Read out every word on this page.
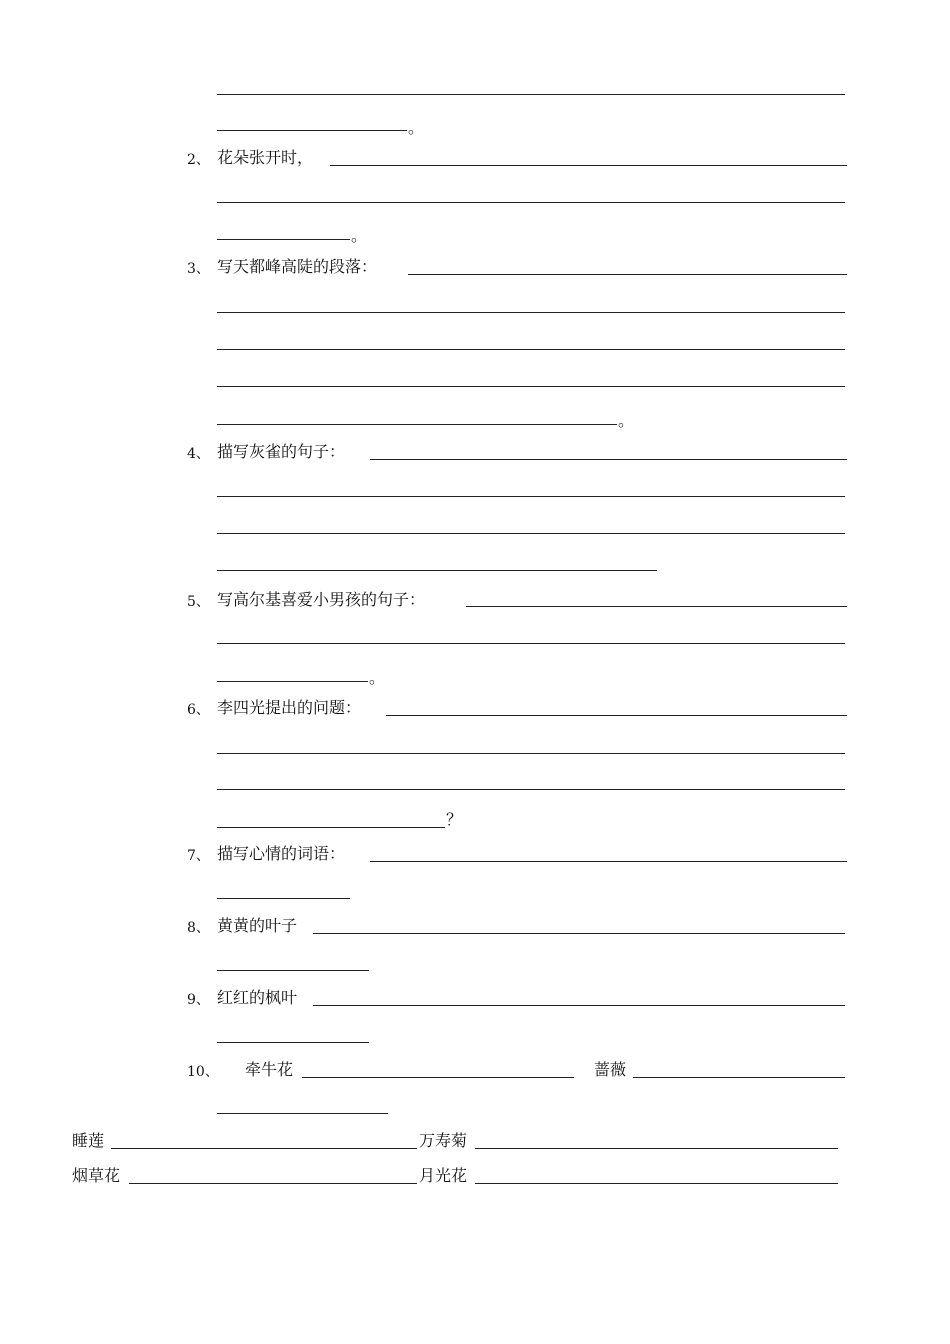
。
2、 花朵张开时，
。
3、 写天都峰高陡的段落：
。
4、 描写灰雀的句子：
5、 写高尔基喜爱小男孩的句子：
。
6、 李四光提出的问题：
？
7、 描写心情的词语：
8、 黄黄的叶子
9、 红红的枫叶
10、 牵牛花	蔷薇
睡莲	万寿菊
烟草花	月光花
